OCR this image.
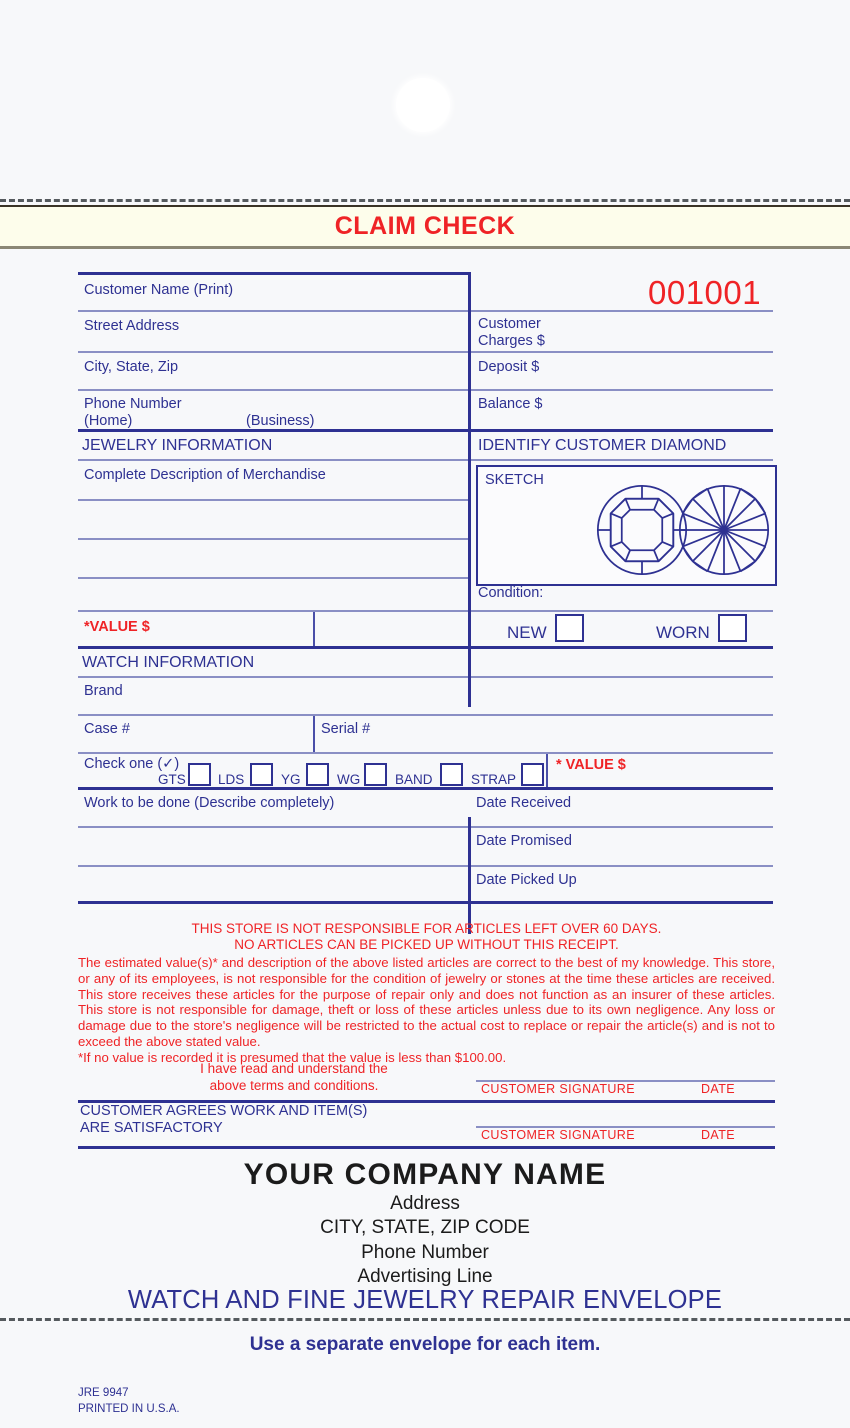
CLAIM CHECK
001001
Customer Name (Print)
Street Address	Customer
Charges $
City, State, Zip	Deposit $
Phone Number
(Home)	(Business)
Balance $
JEWELRY INFORMATION	IDENTIFY CUSTOMER DIAMOND
Complete Description of Merchandise	SKETCH
Condition:
*VALUE $	NEW	WORN
WATCH INFORMATION
Brand
Case #	Serial #
Check one (✓)
GTS LDS	YG	WG	BAND	STRAP
* VALUE $
Work to be done (Describe completely)	Date Received
Date Promised
Date Picked Up
THIS STORE IS NOT RESPONSIBLE FOR ARTICLES LEFT OVER 60 DAYS.
NO ARTICLES CAN BE PICKED UP WITHOUT THIS RECEIPT.
The estimated value(s)* and description of the above listed articles are correct to the best of my knowledge. This store, or any of its employees, is not responsible for the condition of jewelry or stones at the time these articles are received. This store receives these articles for the purpose of repair only and does not function as an insurer of these articles. This store is not responsible for damage, theft or loss of these articles unless due to its own negligence. Any loss or damage due to the store's negligence will be restricted to the actual cost to replace or repair the article(s) and is not to exceed the above stated value.
*If no value is recorded it is presumed that the value is less than $100.00.
I have read and understand the
above terms and conditions.	CUSTOMER SIGNATURE	DATE
CUSTOMER AGREES WORK AND ITEM(S)
ARE SATISFACTORY	CUSTOMER SIGNATURE	DATE
YOUR COMPANY NAME
Address
CITY, STATE, ZIP CODE
Phone Number
Advertising Line
WATCH AND FINE JEWELRY REPAIR ENVELOPE
Use a separate envelope for each item.
JRE 9947
PRINTED IN U.S.A.
